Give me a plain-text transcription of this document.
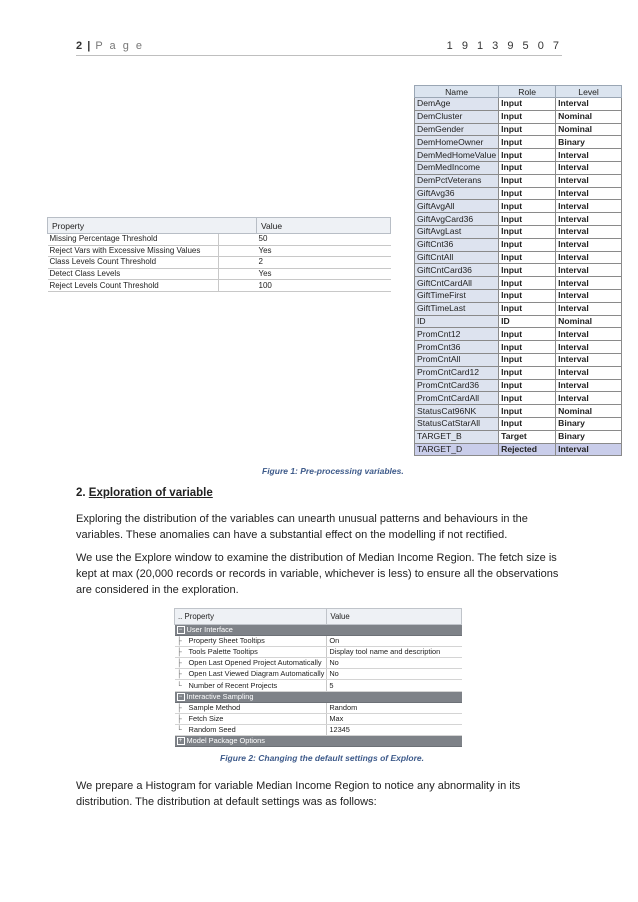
2 | P a g e	1 9 1 3 9 5 0 7
Name	Role	Level
DemAge	Input	Interval
DemCluster	Input	Nominal
DemGender	Input	Nominal
DemHomeOwner	Input	Binary
DemMedHomeValue	Input	Interval
DemMedIncome	Input	Interval
DemPctVeterans	Input	Interval
GiftAvg36	Input	Interval
GiftAvgAll	Input	Interval
GiftAvgCard36	Input	Interval
GiftAvgLast	Input	Interval
GiftCnt36	Input	Interval
GiftCntAll	Input	Interval
GiftCntCard36	Input	Interval
GiftCntCardAll	Input	Interval
GiftTimeFirst	Input	Interval
GiftTimeLast	Input	Interval
ID	ID	Nominal
PromCnt12	Input	Interval
PromCnt36	Input	Interval
PromCntAll	Input	Interval
PromCntCard12	Input	Interval
PromCntCard36	Input	Interval
PromCntCardAll	Input	Interval
StatusCat96NK	Input	Nominal
StatusCatStarAll	Input	Binary
TARGET_B	Target	Binary
TARGET_D	Rejected	Interval
Property		Value
Missing Percentage Threshold		50
Reject Vars with Excessive Missing Values		Yes
Class Levels Count Threshold		2
Detect Class Levels		Yes
Reject Levels Count Threshold		100
Figure 1: Pre-processing variables.
2. Exploration of variable
Exploring the distribution of the variables can unearth unusual patterns and behaviours in the variables. These anomalies can have a substantial effect on the modelling if not rectified.
We use the Explore window to examine the distribution of Median Income Region. The fetch size is kept at max (20,000 records or records in variable, whichever is less) to ensure all the observations are considered in the exploration.
.. Property	Value
− User Interface	
├ Property Sheet Tooltips	On
├ Tools Palette Tooltips	Display tool name and description
├ Open Last Opened Project Automatically	No
├ Open Last Viewed Diagram Automatically	No
└ Number of Recent Projects	5
− Interactive Sampling	
├ Sample Method	Random
├ Fetch Size	Max
└ Random Seed	12345
+ Model Package Options	
Figure 2: Changing the default settings of Explore.
We prepare a Histogram for variable Median Income Region to notice any abnormality in its distribution. The distribution at default settings was as follows:
